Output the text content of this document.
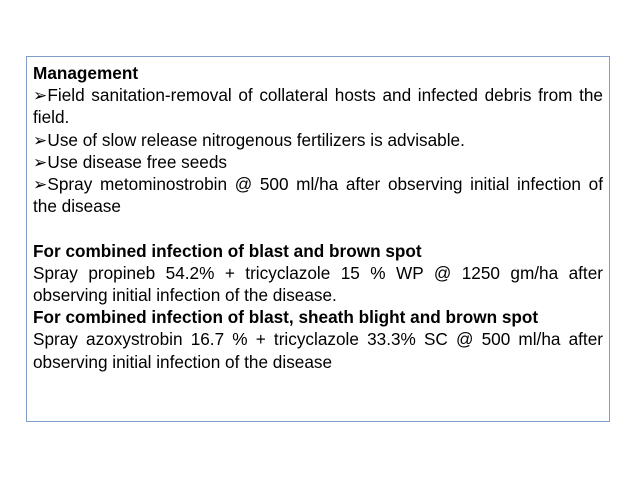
Management

➢Field sanitation-removal of collateral hosts and infected debris from the field.

➢Use of slow release nitrogenous fertilizers is advisable.

➢Use disease free seeds

➢Spray metominostrobin @ 500 ml/ha after observing initial infection of the disease

For combined infection of blast and brown spot

Spray propineb 54.2% + tricyclazole 15 % WP @ 1250 gm/ha after observing initial infection of the disease.

For combined infection of blast, sheath blight and brown spot

Spray azoxystrobin 16.7 % + tricyclazole 33.3% SC @ 500 ml/ha after observing initial infection of the disease
